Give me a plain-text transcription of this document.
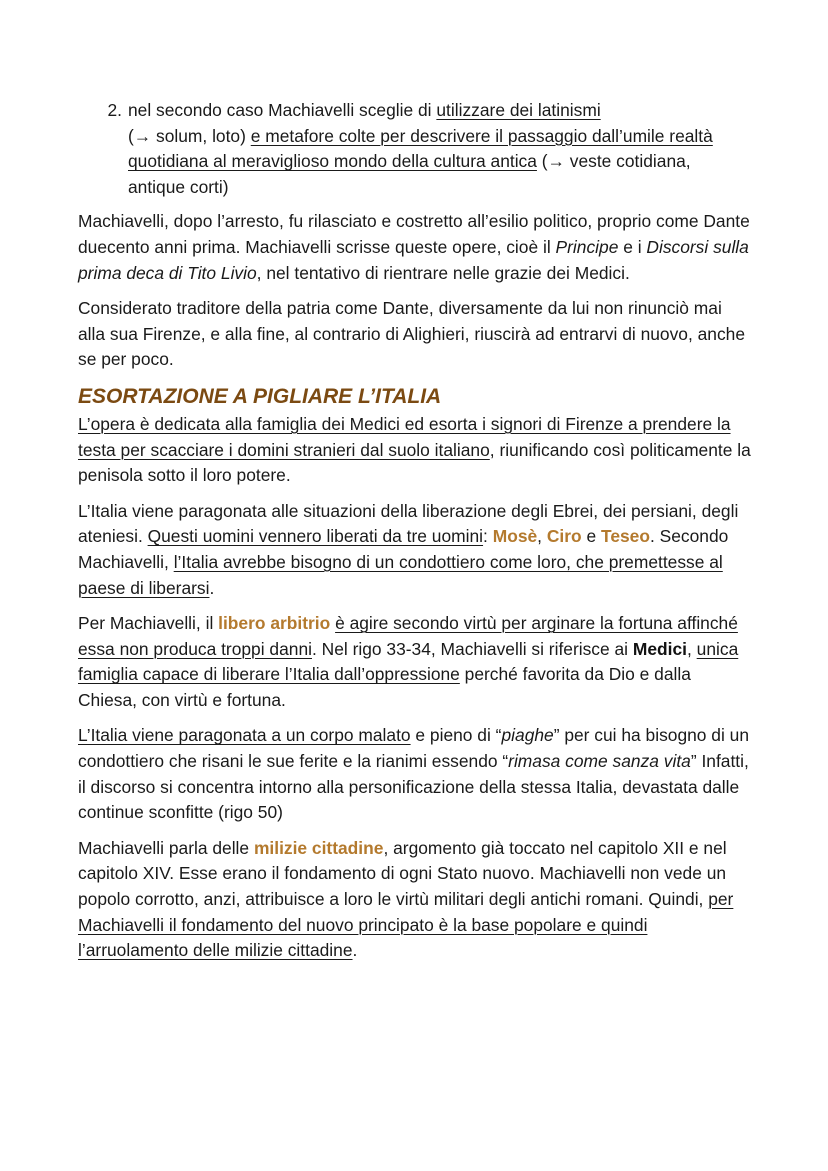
2. nel secondo caso Machiavelli sceglie di utilizzare dei latinismi
(→ solum, loto) e metafore colte per descrivere il passaggio dall’umile realtà quotidiana al meraviglioso mondo della cultura antica (→ veste cotidiana, antique corti)

Machiavelli, dopo l’arresto, fu rilasciato e costretto all’esilio politico, proprio come Dante duecento anni prima. Machiavelli scrisse queste opere, cioè il Principe e i Discorsi sulla prima deca di Tito Livio, nel tentativo di rientrare nelle grazie dei Medici.

Considerato traditore della patria come Dante, diversamente da lui non rinunciò mai alla sua Firenze, e alla fine, al contrario di Alighieri, riuscirà ad entrarvi di nuovo, anche se per poco.

ESORTAZIONE A PIGLIARE L’ITALIA

L’opera è dedicata alla famiglia dei Medici ed esorta i signori di Firenze a prendere la testa per scacciare i domini stranieri dal suolo italiano, riunificando così politicamente la penisola sotto il loro potere.

L’Italia viene paragonata alle situazioni della liberazione degli Ebrei, dei persiani, degli ateniesi. Questi uomini vennero liberati da tre uomini: Mosè, Ciro e Teseo. Secondo Machiavelli, l’Italia avrebbe bisogno di un condottiero come loro, che premettesse al paese di liberarsi.

Per Machiavelli, il libero arbitrio è agire secondo virtù per arginare la fortuna affinché essa non produca troppi danni. Nel rigo 33-34, Machiavelli si riferisce ai Medici, unica famiglia capace di liberare l’Italia dall’oppressione perché favorita da Dio e dalla Chiesa, con virtù e fortuna.

L’Italia viene paragonata a un corpo malato e pieno di “piaghe” per cui ha bisogno di un condottiero che risani le sue ferite e la rianimi essendo “rimasa come sanza vita” Infatti, il discorso si concentra intorno alla personificazione della stessa Italia, devastata dalle continue sconfitte (rigo 50)

Machiavelli parla delle milizie cittadine, argomento già toccato nel capitolo XII e nel capitolo XIV. Esse erano il fondamento di ogni Stato nuovo. Machiavelli non vede un popolo corrotto, anzi, attribuisce a loro le virtù militari degli antichi romani. Quindi, per Machiavelli il fondamento del nuovo principato è la base popolare e quindi l’arruolamento delle milizie cittadine.
